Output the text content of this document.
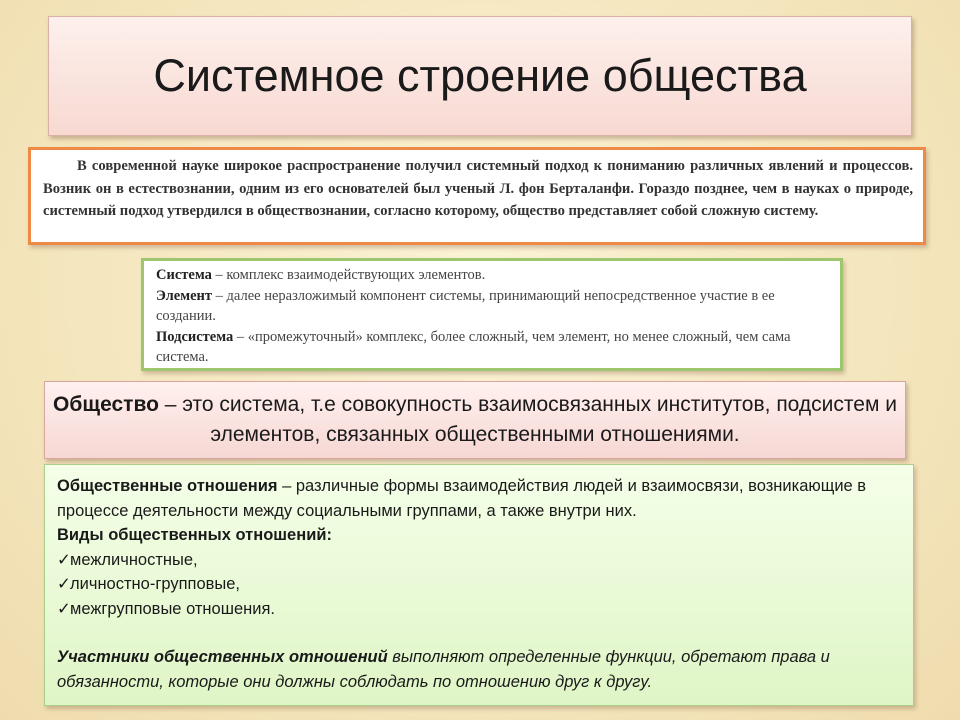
Системное строение общества
В современной науке широкое распространение получил системный подход к пониманию различных явлений и процессов. Возник он в естествознании, одним из его основателей был ученый Л. фон Берталанфи. Гораздо позднее, чем в науках о природе, системный подход утвердился в обществознании, согласно которому, общество представляет собой сложную систему.

Система – комплекс взаимодействующих элементов.

Элемент – далее неразложимый компонент системы, принимающий непосредственное участие в ее создании.

Подсистема – «промежуточный» комплекс, более сложный, чем элемент, но менее сложный, чем сама система.

Общество – это система, т.е совокупность взаимосвязанных институтов, подсистем и элементов, связанных общественными отношениями.

Общественные отношения – различные формы взаимодействия людей и взаимосвязи, возникающие в процессе деятельности между социальными группами, а также внутри них.

Виды общественных отношений:

✓межличностные,
✓личностно-групповые,
✓межгрупповые отношения.

Участники общественных отношений выполняют определенные функции, обретают права и обязанности, которые они должны соблюдать по отношению друг к другу.
